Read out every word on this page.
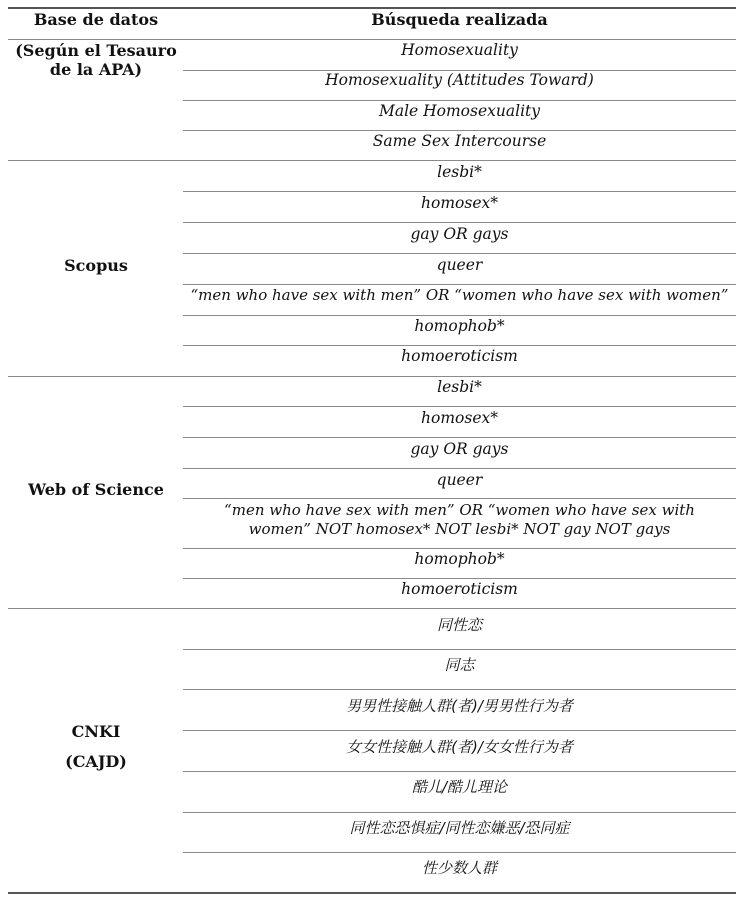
Base de datos	Búsqueda realizada
(Según el Tesauro de la APA)
Homosexuality
Homosexuality (Attitudes Toward)
Male Homosexuality
Same Sex Intercourse
Scopus
lesbi*
homosex*
gay OR gays
queer
“men who have sex with men” OR “women who have sex with women”
homophob*
homoeroticism
Web of Science
lesbi*
homosex*
gay OR gays
queer
“men who have sex with men” OR “women who have sex with women” NOT homosex* NOT lesbi* NOT gay NOT gays
homophob*
homoeroticism
CNKI
(CAJD)
同性恋
同志
男男性接触人群(者)/男男性行为者
女女性接触人群(者)/女女性行为者
酷儿/酷儿理论
同性恋恐惧症/同性恋嫌恶/恐同症
性少数人群
